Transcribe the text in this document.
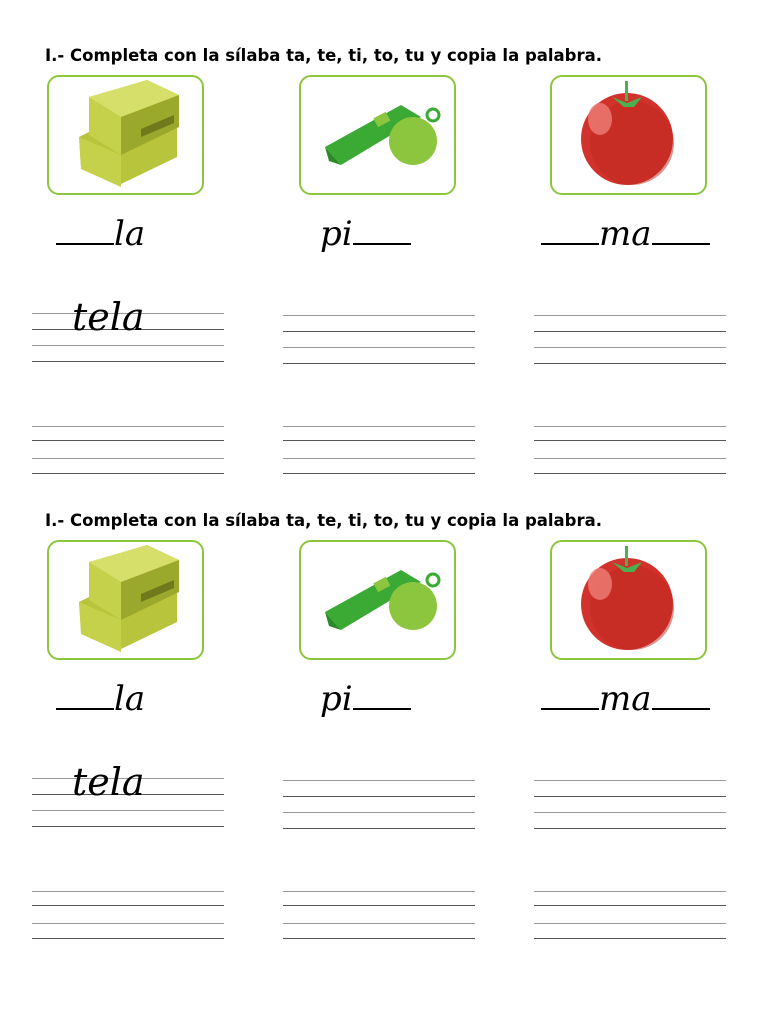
I.- Completa con la sílaba ta, te, ti, to, tu y copia la palabra.
la	pi	ma
tela
I.- Completa con la sílaba ta, te, ti, to, tu y copia la palabra.
la	pi	ma
tela
